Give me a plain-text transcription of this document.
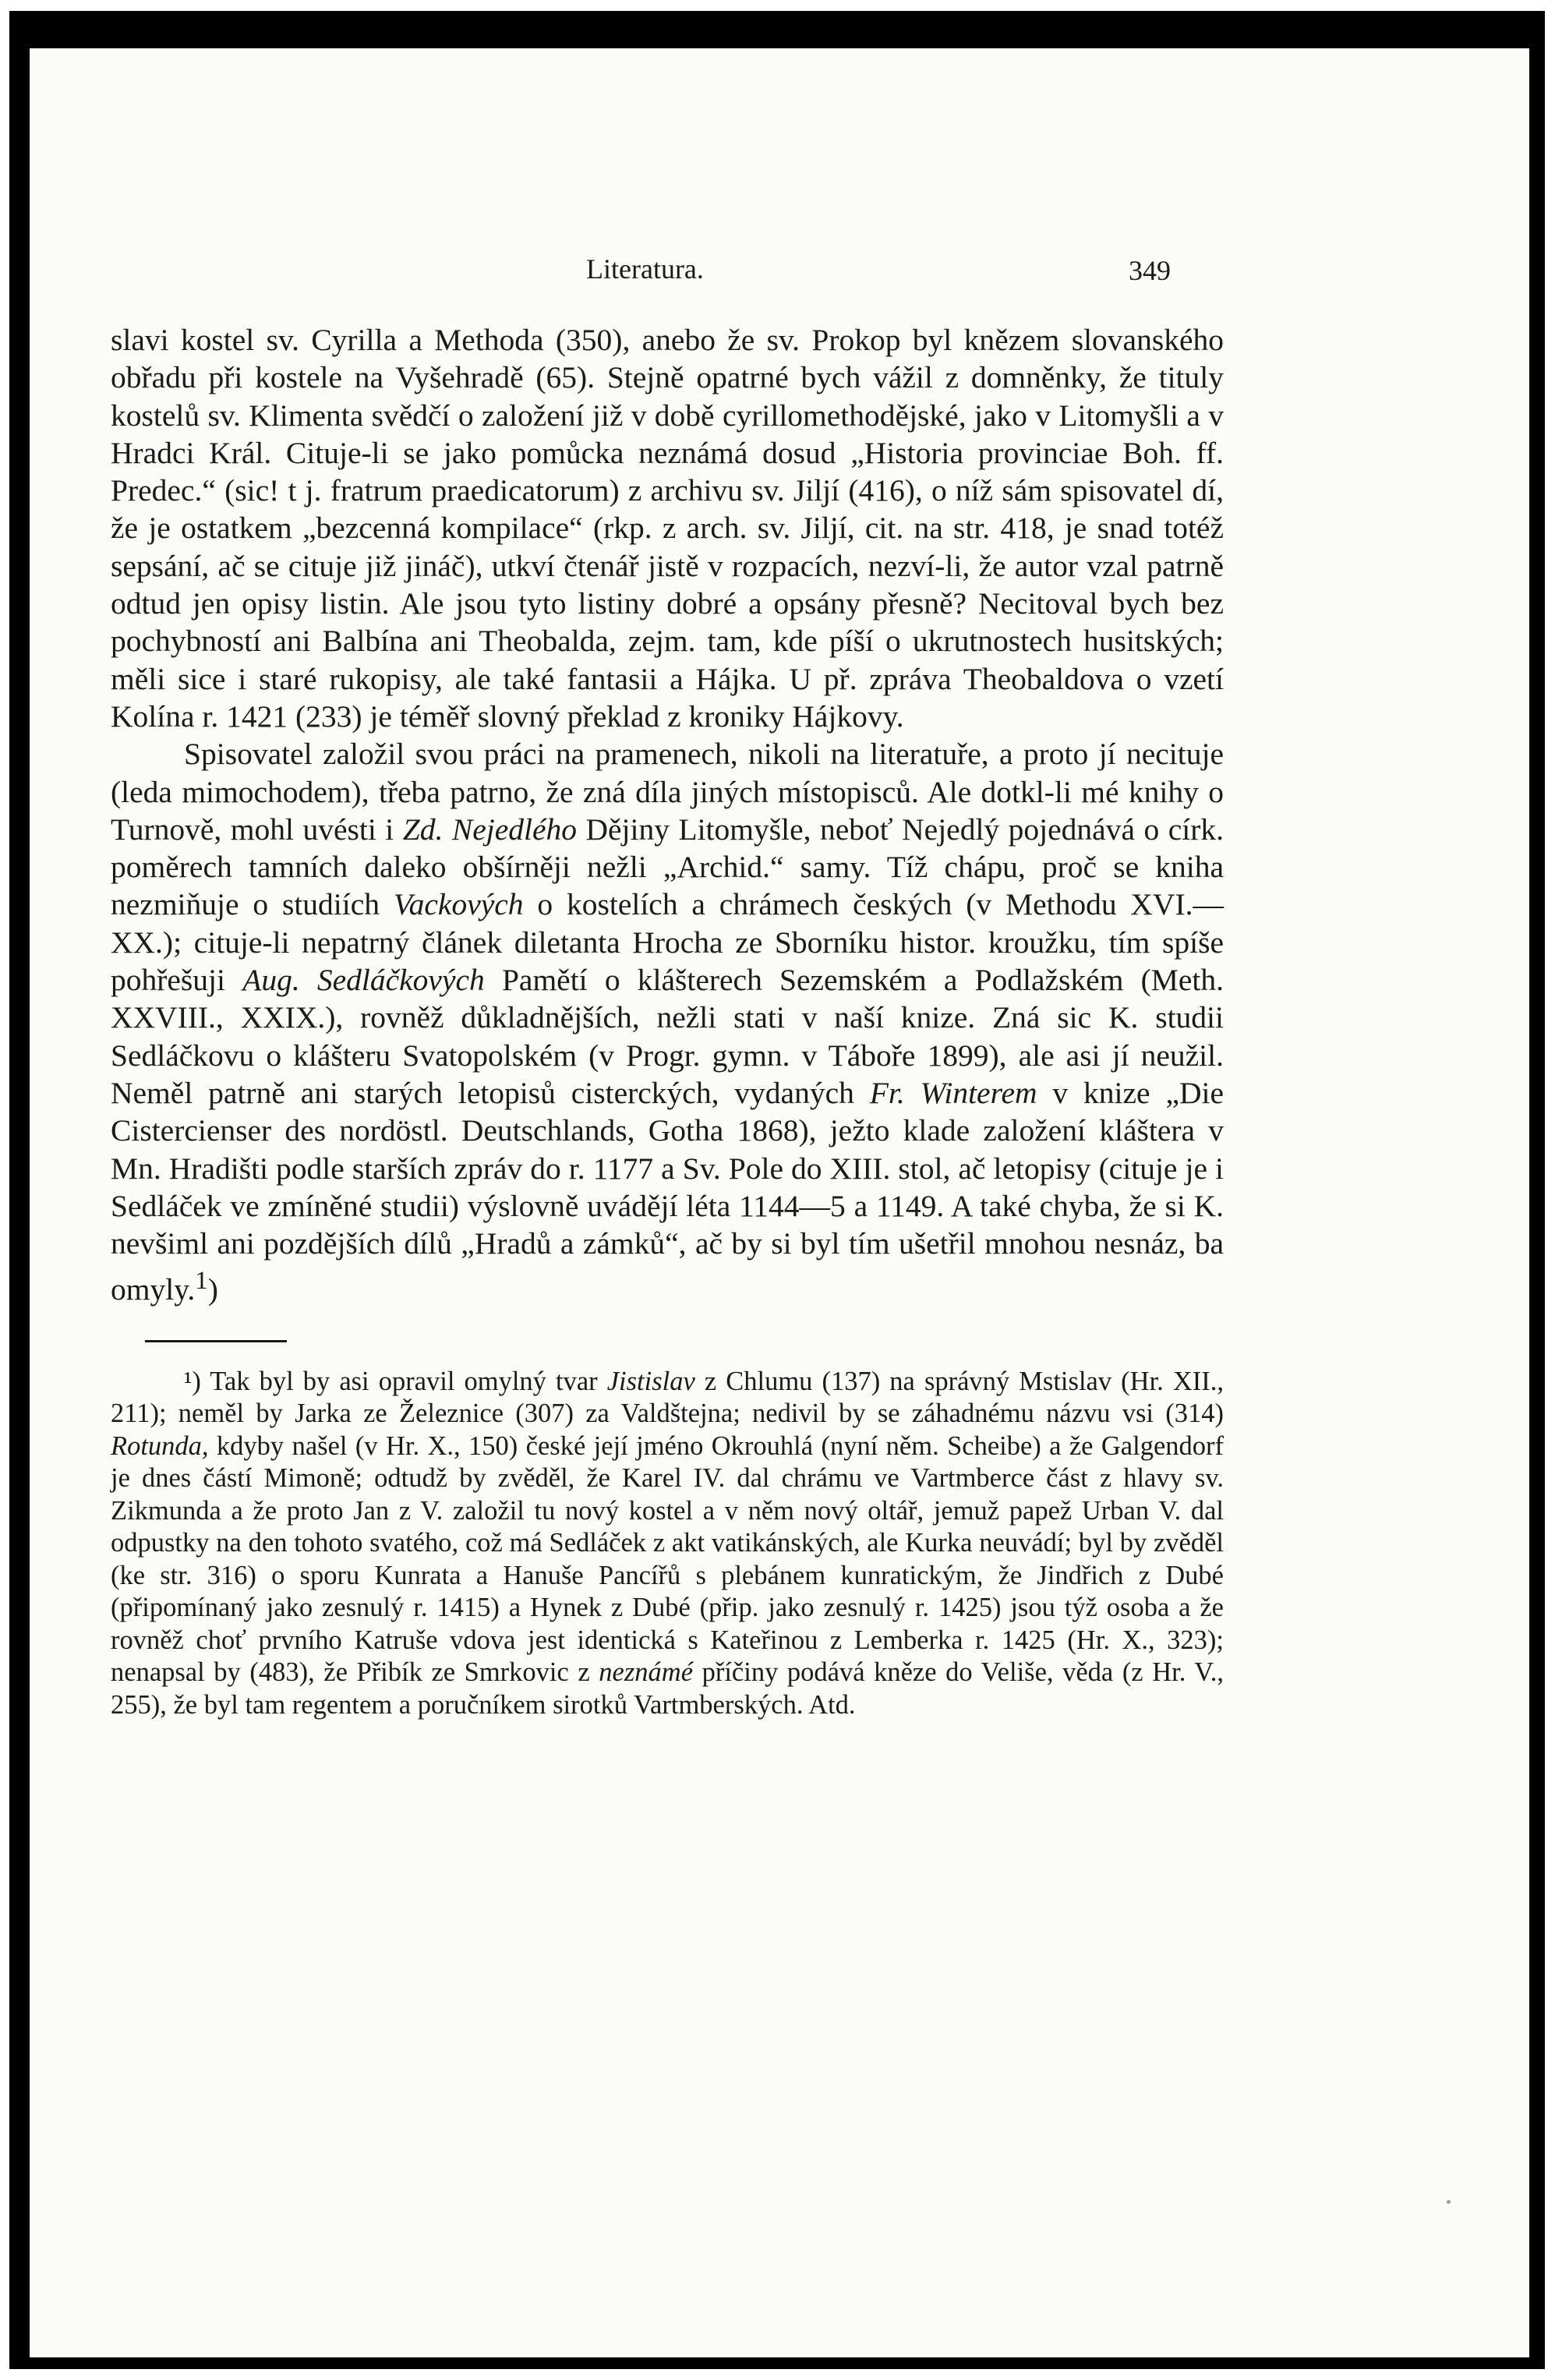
Literatura.	349

slavi kostel sv. Cyrilla a Methoda (350), anebo že sv. Prokop byl knězem slovanského obřadu při kostele na Vyšehradě (65). Stejně opatrné bych vážil z domněnky, že tituly kostelů sv. Klimenta svědčí o založení již v době cyrillomethodějské, jako v Litomyšli a v Hradci Král. Cituje-li se jako pomůcka neznámá dosud „Historia provinciae Boh. ff. Predec.“ (sic! t j. fratrum praedicatorum) z archivu sv. Jiljí (416), o níž sám spisovatel dí, že je ostatkem „bezcenná kompilace“ (rkp. z arch. sv. Jiljí, cit. na str. 418, je snad totéž sepsání, ač se cituje již jináč), utkví čtenář jistě v rozpacích, nezví-li, že autor vzal patrně odtud jen opisy listin. Ale jsou tyto listiny dobré a opsány přesně? Necitoval bych bez pochybností ani Balbína ani Theobalda, zejm. tam, kde píší o ukrutnostech husitských; měli sice i staré rukopisy, ale také fantasii a Hájka. U př. zpráva Theobaldova o vzetí Kolína r. 1421 (233) je téměř slovný překlad z kroniky Hájkovy.

Spisovatel založil svou práci na pramenech, nikoli na literatuře, a proto jí necituje (leda mimochodem), třeba patrno, že zná díla jiných místopisců. Ale dotkl-li mé knihy o Turnově, mohl uvésti i Zd. Nejedlého Dějiny Litomyšle, neboť Nejedlý pojednává o círk. poměrech tamních daleko obšírněji nežli „Archid.“ samy. Tíž chápu, proč se kniha nezmiňuje o studiích Vackových o kostelích a chrámech českých (v Methodu XVI.—XX.); cituje-li nepatrný článek diletanta Hrocha ze Sborníku histor. kroužku, tím spíše pohřešuji Aug. Sedláčkových Pamětí o klášterech Sezemském a Podlažském (Meth. XXVIII., XXIX.), rovněž důkladnějších, nežli stati v naší knize. Zná sic K. studii Sedláčkovu o klášteru Svatopolském (v Progr. gymn. v Táboře 1899), ale asi jí neužil. Neměl patrně ani starých letopisů cisterckých, vydaných Fr. Winterem v knize „Die Cistercienser des nordöstl. Deutschlands, Gotha 1868), ježto klade založení kláštera v Mn. Hradišti podle starších zpráv do r. 1177 a Sv. Pole do XIII. stol, ač letopisy (cituje je i Sedláček ve zmíněné studii) výslovně uvádějí léta 1144—5 a 1149. A také chyba, že si K. nevšiml ani pozdějších dílů „Hradů a zámků“, ač by si byl tím ušetřil mnohou nesnáz, ba omyly.$^1$)

¹) Tak byl by asi opravil omylný tvar Jistislav z Chlumu (137) na správný Mstislav (Hr. XII., 211); neměl by Jarka ze Železnice (307) za Valdštejna; nedivil by se záhadnému názvu vsi (314) Rotunda, kdyby našel (v Hr. X., 150) české její jméno Okrouhlá (nyní něm. Scheibe) a že Galgendorf je dnes částí Mimoně; odtudž by zvěděl, že Karel IV. dal chrámu ve Vartmberce část z hlavy sv. Zikmunda a že proto Jan z V. založil tu nový kostel a v něm nový oltář, jemuž papež Urban V. dal odpustky na den tohoto svatého, což má Sedláček z akt vatikánských, ale Kurka neuvádí; byl by zvěděl (ke str. 316) o sporu Kunrata a Hanuše Pancířů s plebánem kunratickým, že Jindřich z Dubé (připomínaný jako zesnulý r. 1415) a Hynek z Dubé (přip. jako zesnulý r. 1425) jsou týž osoba a že rovněž choť prvního Katruše vdova jest identická s Kateřinou z Lemberka r. 1425 (Hr. X., 323); nenapsal by (483), že Přibík ze Smrkovic z neznámé příčiny podává kněze do Veliše, věda (z Hr. V., 255), že byl tam regentem a poručníkem sirotků Vartmberských. Atd.
